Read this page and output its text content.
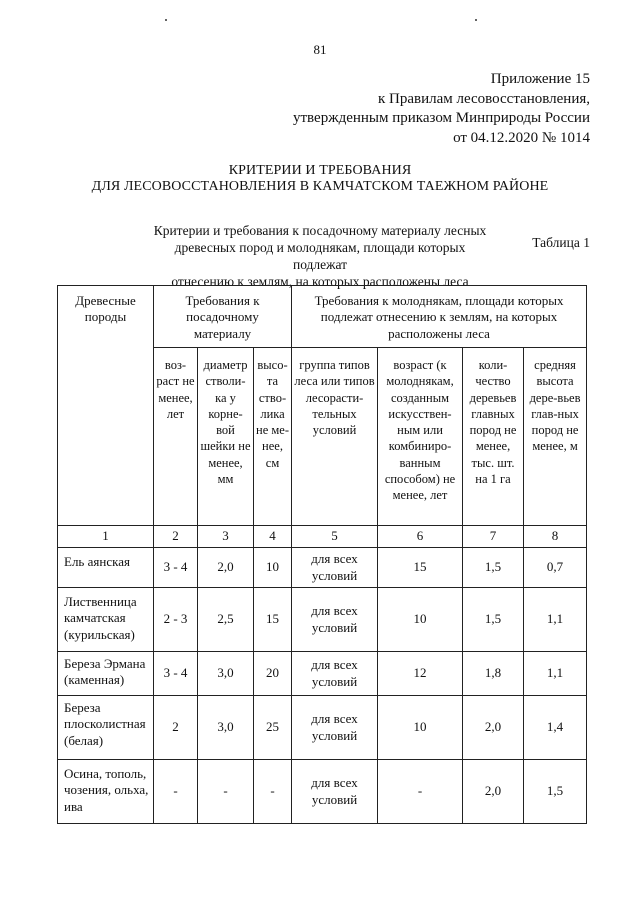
81
Приложение 15
к Правилам лесовосстановления,
утвержденным приказом Минприроды России
от 04.12.2020 № 1014
КРИТЕРИИ И ТРЕБОВАНИЯ
ДЛЯ ЛЕСОВОССТАНОВЛЕНИЯ В КАМЧАТСКОМ ТАЕЖНОМ РАЙОНЕ
Таблица 1
Критерии и требования к посадочному материалу лесных
древесных пород и молоднякам, площади которых подлежат
отнесению к землям, на которых расположены леса
Древесные породы	Требования к посадочному материалу			Требования к молоднякам, площади которых подлежат отнесению к землям, на которых расположены леса			
	воз-раст не менее, лет	диаметр стволи-ка у корне-вой шейки не менее, мм	высо-та ство-лика не ме-нее, см	группа типов леса или типов лесорасти-тельных условий	возраст (к молоднякам, созданным искусствен-ным или комбиниро-ванным способом) не менее, лет	коли-чество деревьев главных пород не менее, тыс. шт. на 1 га	средняя высота дере-вьев глав-ных пород не менее, м
1	2	3	4	5	6	7	8
Ель аянская	3 - 4	2,0	10	для всех условий	15	1,5	0,7
Лиственница камчатская (курильская)	2 - 3	2,5	15	для всех условий	10	1,5	1,1
Береза Эрмана (каменная)	3 - 4	3,0	20	для всех условий	12	1,8	1,1
Береза плосколистная (белая)	2	3,0	25	для всех условий	10	2,0	1,4
Осина, тополь, чозения, ольха, ива	-	-	-	для всех условий	-	2,0	1,5
